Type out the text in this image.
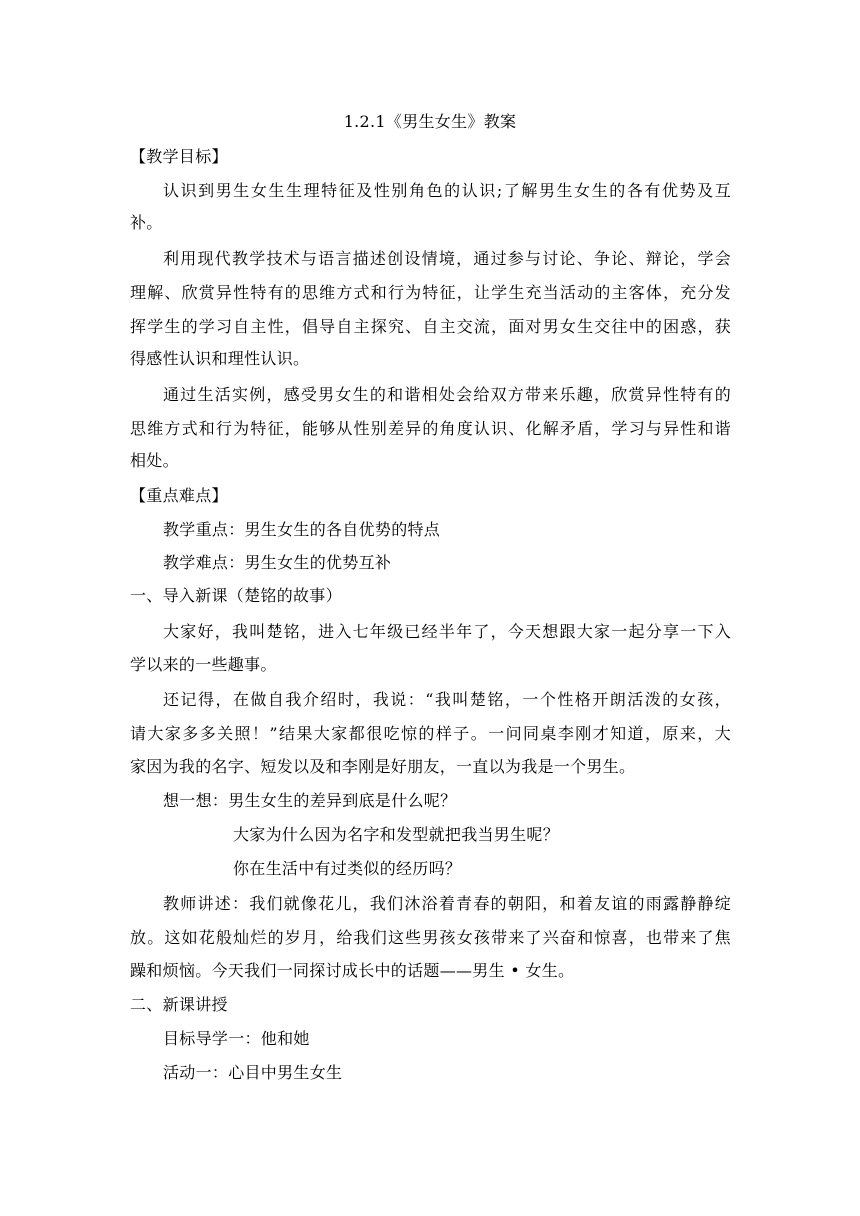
1.2.1《男生女生》教案
【教学目标】
认识到男生女生生理特征及性别角色的认识;了解男生女生的各有优势及互
补。
利用现代教学技术与语言描述创设情境，通过参与讨论、争论、辩论，学会
理解、欣赏异性特有的思维方式和行为特征，让学生充当活动的主客体，充分发
挥学生的学习自主性，倡导自主探究、自主交流，面对男女生交往中的困惑，获
得感性认识和理性认识。
通过生活实例，感受男女生的和谐相处会给双方带来乐趣，欣赏异性特有的
思维方式和行为特征，能够从性别差异的角度认识、化解矛盾，学习与异性和谐
相处。
【重点难点】
教学重点：男生女生的各自优势的特点
教学难点：男生女生的优势互补
一、导入新课（楚铭的故事）
大家好，我叫楚铭，进入七年级已经半年了，今天想跟大家一起分享一下入
学以来的一些趣事。
还记得，在做自我介绍时，我说：“我叫楚铭，一个性格开朗活泼的女孩，
请大家多多关照！”结果大家都很吃惊的样子。一问同桌李刚才知道，原来，大
家因为我的名字、短发以及和李刚是好朋友，一直以为我是一个男生。
想一想：男生女生的差异到底是什么呢？
大家为什么因为名字和发型就把我当男生呢？
你在生活中有过类似的经历吗？
教师讲述：我们就像花儿，我们沐浴着青春的朝阳，和着友谊的雨露静静绽
放。这如花般灿烂的岁月，给我们这些男孩女孩带来了兴奋和惊喜，也带来了焦
躁和烦恼。今天我们一同探讨成长中的话题——男生 • 女生。
二、新课讲授
目标导学一：他和她
活动一：心目中男生女生
